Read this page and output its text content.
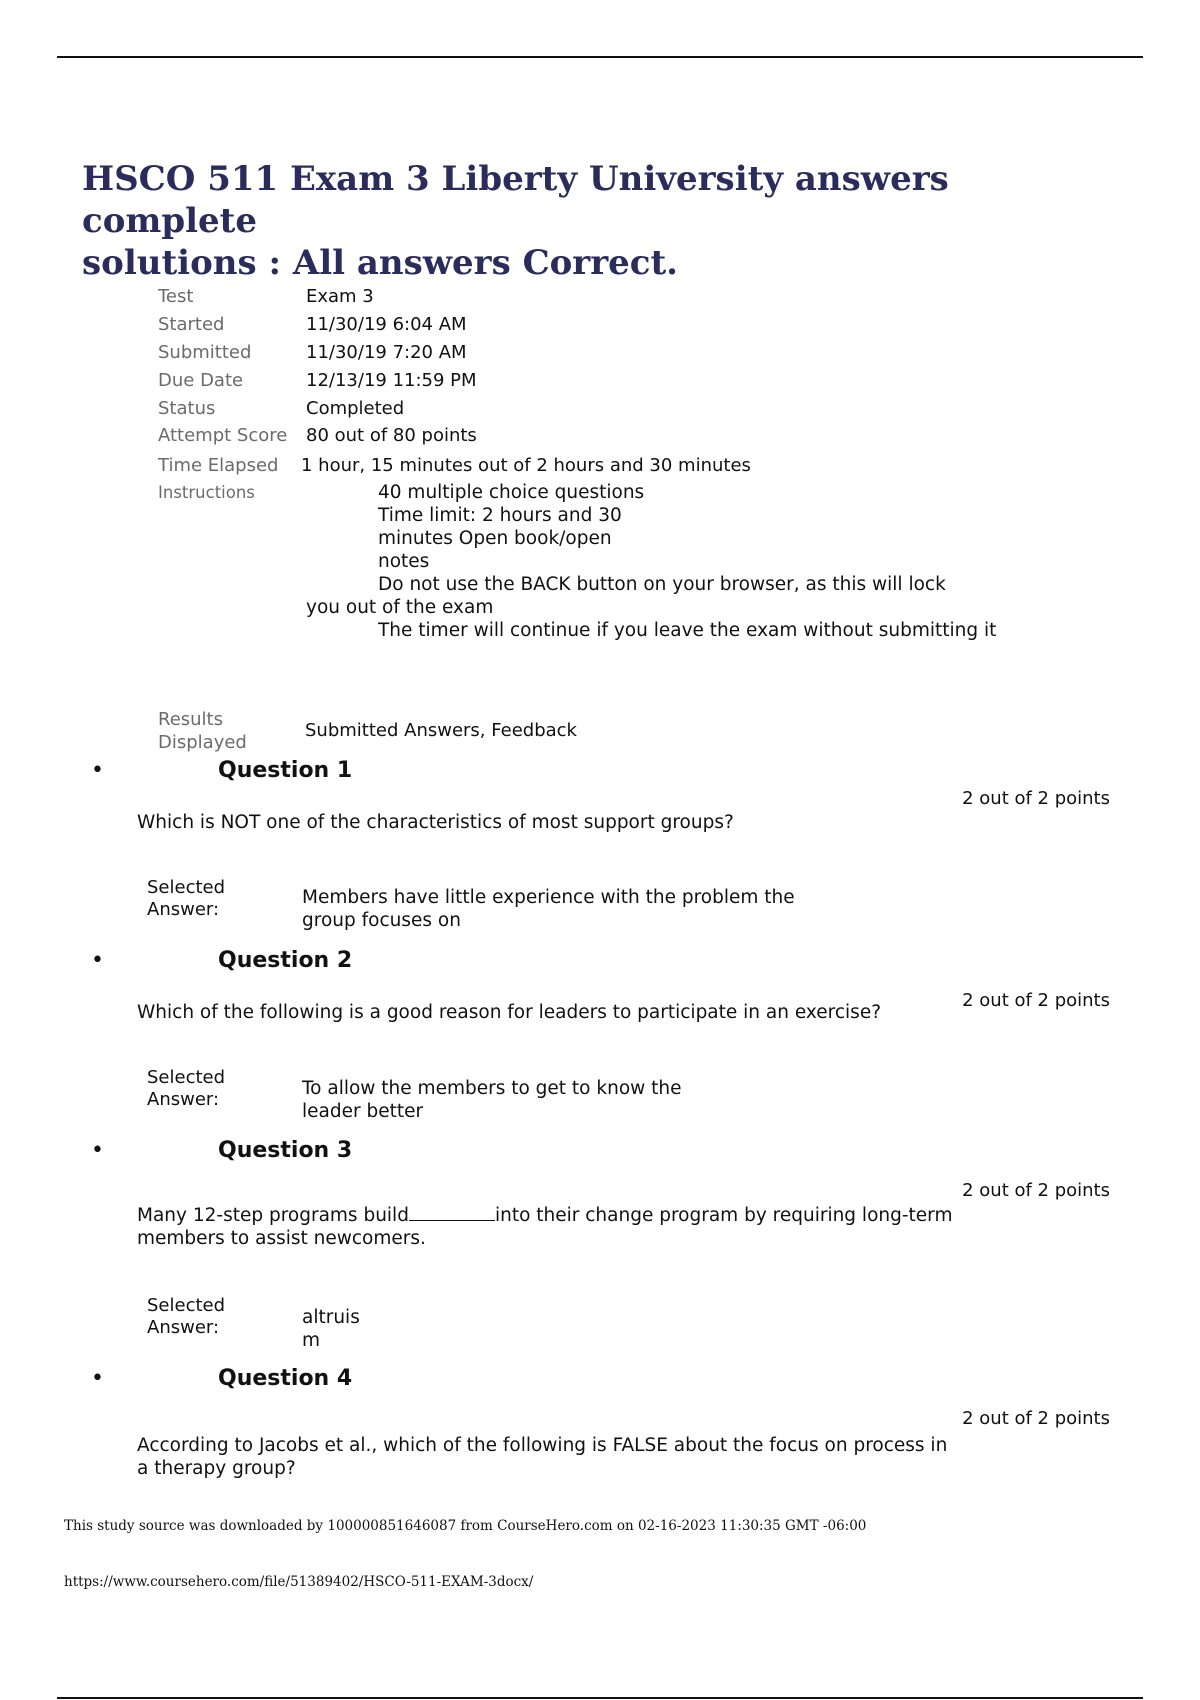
HSCO 511 Exam 3 Liberty University answers complete
solutions : All answers Correct.
Test	Exam 3
Started	11/30/19 6:04 AM
Submitted	11/30/19 7:20 AM
Due Date	12/13/19 11:59 PM
Status	Completed
Attempt Score 80 out of 80 points
Time Elapsed 1 hour, 15 minutes out of 2 hours and 30 minutes
Instructions	40 multiple choice questions
Time limit: 2 hours and 30
minutes Open book/open
notes
Do not use the BACK button on your browser, as this will lock
you out of the exam
The timer will continue if you leave the exam without submitting it
Results Displayed
Submitted Answers, Feedback
•	Question 1
2 out of 2 points
Which is NOT one of the characteristics of most support groups?
Selected Answer:
Members have little experience with the problem the
group focuses on
•	Question 2
2 out of 2 points
Which of the following is a good reason for leaders to participate in an exercise?
Selected Answer:
To allow the members to get to know the
leader better
•	Question 3
2 out of 2 points
Many 12-step programs build	into their change program by requiring long-term
members to assist newcomers.
Selected Answer:	altruis
m
•	Question 4
2 out of 2 points
According to Jacobs et al., which of the following is FALSE about the focus on process in
a therapy group?
This study source was downloaded by 100000851646087 from CourseHero.com on 02-16-2023 11:30:35 GMT -06:00
https://www.coursehero.com/file/51389402/HSCO-511-EXAM-3docx/
